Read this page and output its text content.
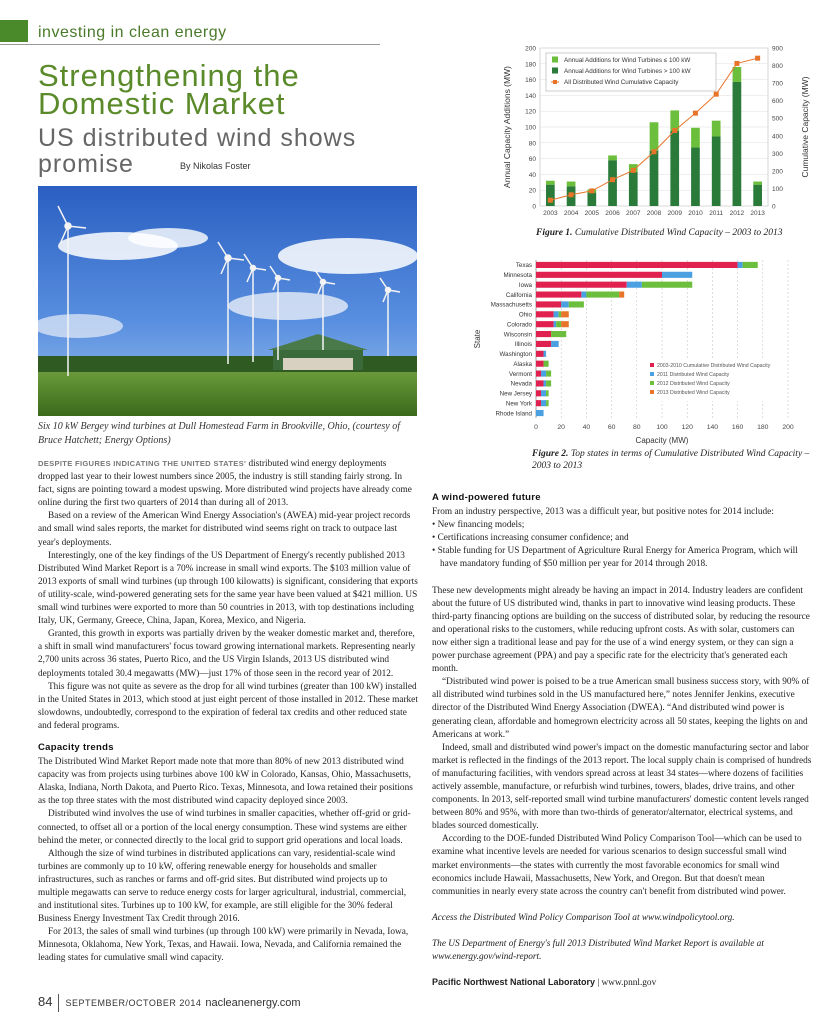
investing in clean energy
Strengthening the
Domestic Market
US distributed wind shows promise	By Nikolas Foster
Six 10 kW Bergey wind turbines at Dull Homestead Farm in Brookville, Ohio, (courtesy of Bruce Hatchett; Energy Options)
0
20
40
60
80
100
120
140
160
180
200
0
100
200
300
400
500
600
700
800
900
2003 2004 2005 2006 2007 2008 2009 2010 2011 2012 2013
Annual Additions for Wind Turbines ≤ 100 kW
Annual Additions for Wind Turbines > 100 kW
All Distributed Wind Cumulative Capacity
Annual Capacity Additions (MW)	Cumulative Capacity (MW)
Figure 1. Cumulative Distributed Wind Capacity – 2003 to 2013
0	20	40	60	80 100 120 140 160 180 200
Texas
Minnesota
Iowa
California
Massachusetts
Ohio
Colorado
Wisconsin
Illinois
Washington
Alaska
Vermont
Nevada
New Jersey
New York
Rhode Island
2003-2010 Cumulative Distributed Wind Capacity
2011 Distributed Wind Capacity
2012 Distributed Wind Capacity
2013 Distributed Wind Capacity
Capacity (MW)
State
Figure 2. Top states in terms of Cumulative Distributed Wind Capacity – 2003 to 2013

DESPITE FIGURES INDICATING THE UNITED STATES' distributed wind energy deployments dropped last year to their lowest numbers since 2005, the industry is still standing fairly strong. In fact, signs are pointing toward a modest upswing. More distributed wind projects have already come online during the first two quarters of 2014 than during all of 2013.

Based on a review of the American Wind Energy Association's (AWEA) mid-year project records and small wind sales reports, the market for distributed wind seems right on track to outpace last year's deployments.

Interestingly, one of the key findings of the US Department of Energy's recently published 2013 Distributed Wind Market Report is a 70% increase in small wind exports. The $103 million value of 2013 exports of small wind turbines (up through 100 kilowatts) is significant, considering that exports of utility-scale, wind-powered generating sets for the same year have been valued at $421 million. US small wind turbines were exported to more than 50 countries in 2013, with top destinations including Italy, UK, Germany, Greece, China, Japan, Korea, Mexico, and Nigeria.

Granted, this growth in exports was partially driven by the weaker domestic market and, therefore, a shift in small wind manufacturers' focus toward growing international markets. Representing nearly 2,700 units across 36 states, Puerto Rico, and the US Virgin Islands, 2013 US distributed wind deployments totaled 30.4 megawatts (MW)—just 17% of those seen in the record year of 2012.

This figure was not quite as severe as the drop for all wind turbines (greater than 100 kW) installed in the United States in 2013, which stood at just eight percent of those installed in 2012. These market slowdowns, undoubtedly, correspond to the expiration of federal tax credits and other reduced state and federal programs.

Capacity trends

The Distributed Wind Market Report made note that more than 80% of new 2013 distributed wind capacity was from projects using turbines above 100 kW in Colorado, Kansas, Ohio, Massachusetts, Alaska, Indiana, North Dakota, and Puerto Rico. Texas, Minnesota, and Iowa retained their positions as the top three states with the most distributed wind capacity deployed since 2003.

Distributed wind involves the use of wind turbines in smaller capacities, whether off-grid or grid-connected, to offset all or a portion of the local energy consumption. These wind systems are either behind the meter, or connected directly to the local grid to support grid operations and local loads.

Although the size of wind turbines in distributed applications can vary, residential-scale wind turbines are commonly up to 10 kW, offering renewable energy for households and smaller infrastructures, such as ranches or farms and off-grid sites. But distributed wind projects up to multiple megawatts can serve to reduce energy costs for larger agricultural, industrial, commercial, and institutional sites. Turbines up to 100 kW, for example, are still eligible for the 30% federal Business Energy Investment Tax Credit through 2016.

For 2013, the sales of small wind turbines (up through 100 kW) were primarily in Nevada, Iowa, Minnesota, Oklahoma, New York, Texas, and Hawaii. Iowa, Nevada, and California remained the leading states for cumulative small wind capacity.

A wind-powered future

From an industry perspective, 2013 was a difficult year, but positive notes for 2014 include:

• New financing models;

• Certifications increasing consumer confidence; and

• Stable funding for US Department of Agriculture Rural Energy for America Program, which will have mandatory funding of $50 million per year for 2014 through 2018.

These new developments might already be having an impact in 2014. Industry leaders are confident about the future of US distributed wind, thanks in part to innovative wind leasing products. These third-party financing options are building on the success of distributed solar, by reducing the resource and operational risks to the customers, while reducing upfront costs. As with solar, customers can now either sign a traditional lease and pay for the use of a wind energy system, or they can sign a power purchase agreement (PPA) and pay a specific rate for the electricity that's generated each month.

“Distributed wind power is poised to be a true American small business success story, with 90% of all distributed wind turbines sold in the US manufactured here,” notes Jennifer Jenkins, executive director of the Distributed Wind Energy Association (DWEA). “And distributed wind power is generating clean, affordable and homegrown electricity across all 50 states, keeping the lights on and Americans at work.”

Indeed, small and distributed wind power's impact on the domestic manufacturing sector and labor market is reflected in the findings of the 2013 report. The local supply chain is comprised of hundreds of manufacturing facilities, with vendors spread across at least 34 states—where dozens of facilities actively assemble, manufacture, or refurbish wind turbines, towers, blades, drive trains, and other components. In 2013, self-reported small wind turbine manufacturers' domestic content levels ranged between 80% and 95%, with more than two-thirds of generator/alternator, electrical systems, and blades sourced domestically.

According to the DOE-funded Distributed Wind Policy Comparison Tool—which can be used to examine what incentive levels are needed for various scenarios to design successful small wind market environments—the states with currently the most favorable economics for small wind economics include Hawaii, Massachusetts, New York, and Oregon. But that doesn't mean communities in nearly every state across the country can't benefit from distributed wind power.

Access the Distributed Wind Policy Comparison Tool at www.windpolicytool.org.

The US Department of Energy's full 2013 Distributed Wind Market Report is available at www.energy.gov/wind-report.

Pacific Northwest National Laboratory | www.pnnl.gov

84 SEPTEMBER/OCTOBER 2014 nacleanenergy.com
